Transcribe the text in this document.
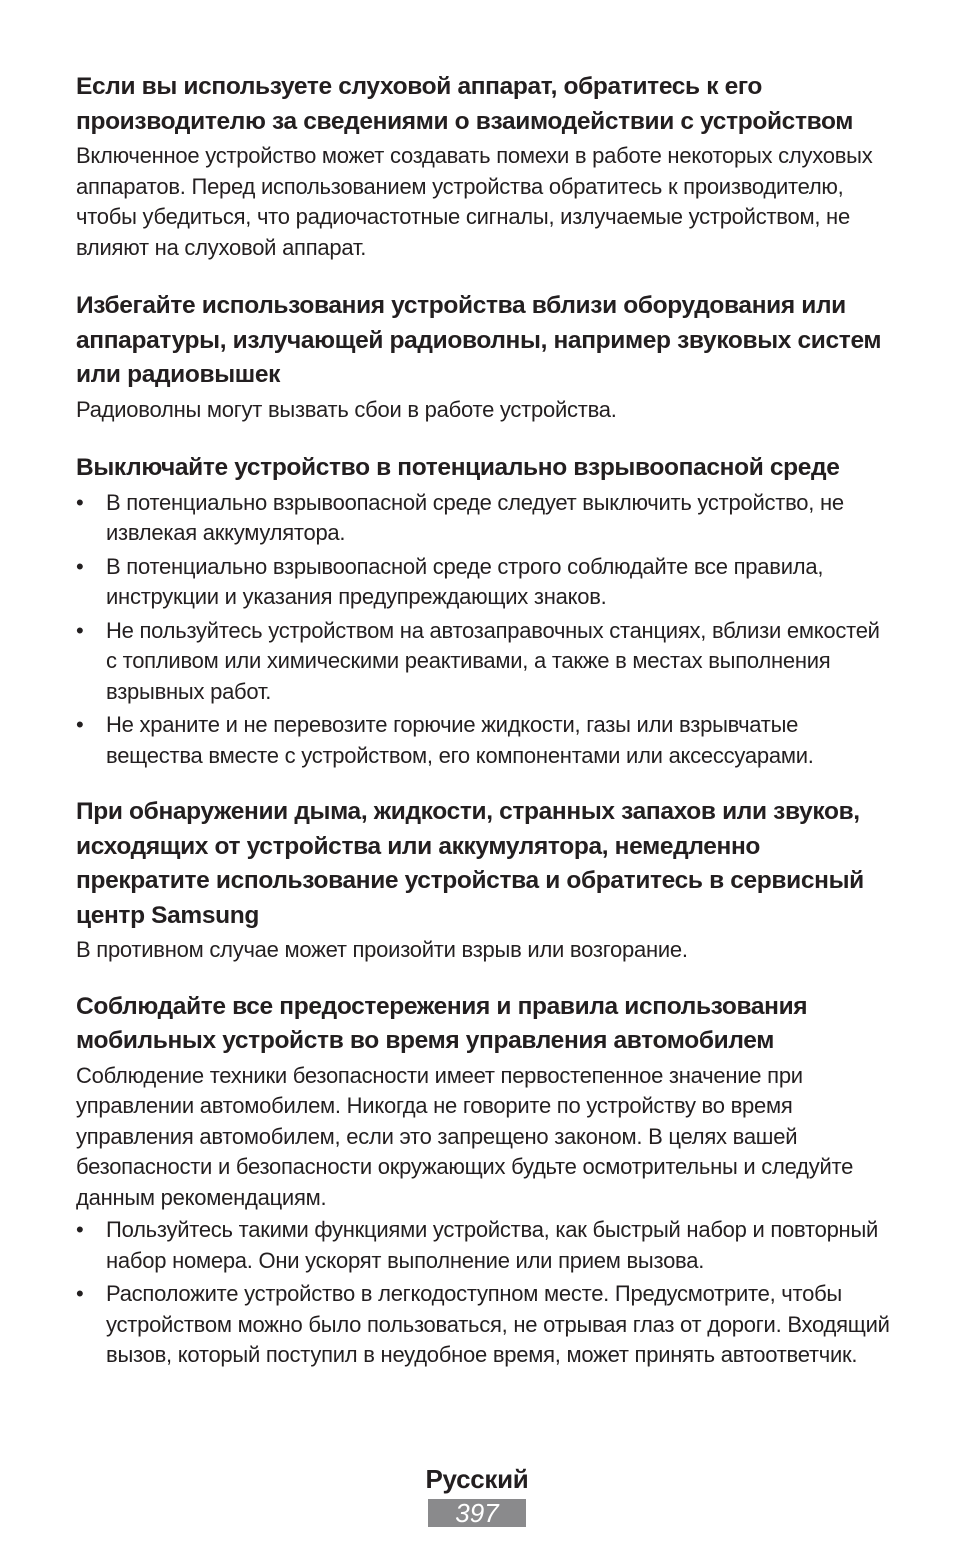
Если вы используете слуховой аппарат, обратитесь к его производителю за сведениями о взаимодействии с устройством

Включенное устройство может создавать помехи в работе некоторых слуховых аппаратов. Перед использованием устройства обратитесь к производителю, чтобы убедиться, что радиочастотные сигналы, излучаемые устройством, не влияют на слуховой аппарат.

Избегайте использования устройства вблизи оборудования или аппаратуры, излучающей радиоволны, например звуковых систем или радиовышек

Радиоволны могут вызвать сбои в работе устройства.

Выключайте устройство в потенциально взрывоопасной среде
• В потенциально взрывоопасной среде следует выключить устройство, не извлекая аккумулятора.
• В потенциально взрывоопасной среде строго соблюдайте все правила, инструкции и указания предупреждающих знаков.
• Не пользуйтесь устройством на автозаправочных станциях, вблизи емкостей с топливом или химическими реактивами, а также в местах выполнения взрывных работ.
• Не храните и не перевозите горючие жидкости, газы или взрывчатые вещества вместе с устройством, его компонентами или аксессуарами.
При обнаружении дыма, жидкости, странных запахов или звуков, исходящих от устройства или аккумулятора, немедленно прекратите использование устройства и обратитесь в сервисный центр Samsung

В противном случае может произойти взрыв или возгорание.

Соблюдайте все предостережения и правила использования мобильных устройств во время управления автомобилем

Соблюдение техники безопасности имеет первостепенное значение при управлении автомобилем. Никогда не говорите по устройству во время управления автомобилем, если это запрещено законом. В целях вашей безопасности и безопасности окружающих будьте осмотрительны и следуйте данным рекомендациям.

• Пользуйтесь такими функциями устройства, как быстрый набор и повторный набор номера. Они ускорят выполнение или прием вызова.
• Расположите устройство в легкодоступном месте. Предусмотрите, чтобы устройством можно было пользоваться, не отрывая глаз от дороги. Входящий вызов, который поступил в неудобное время, может принять автоответчик.
Русский
397
